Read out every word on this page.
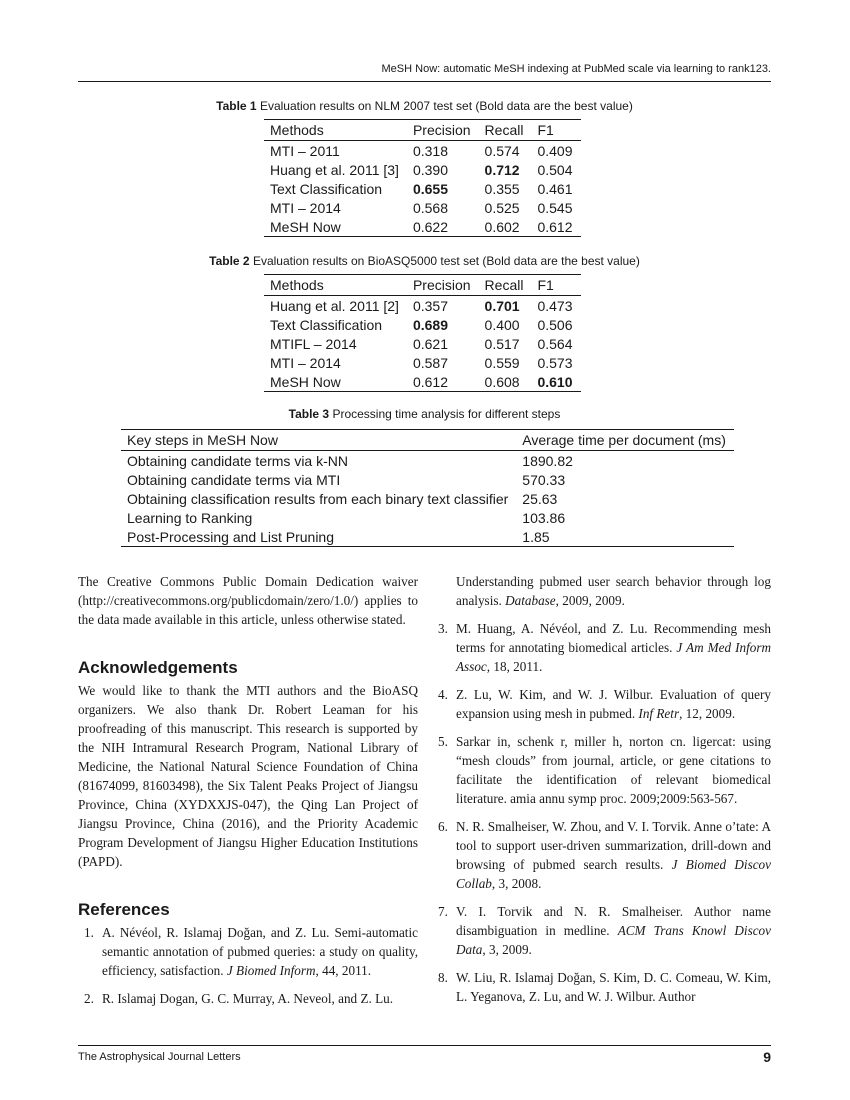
MeSH Now: automatic MeSH indexing at PubMed scale via learning to rank123.
Table 1 Evaluation results on NLM 2007 test set (Bold data are the best value)
Methods	Precision	Recall	F1
MTI – 2011	0.318	0.574	0.409
Huang et al. 2011 [3]	0.390	0.712	0.504
Text Classification	0.655	0.355	0.461
MTI – 2014	0.568	0.525	0.545
MeSH Now	0.622	0.602	0.612
Table 2 Evaluation results on BioASQ5000 test set (Bold data are the best value)
Methods	Precision	Recall	F1
Huang et al. 2011 [2]	0.357	0.701	0.473
Text Classification	0.689	0.400	0.506
MTIFL – 2014	0.621	0.517	0.564
MTI – 2014	0.587	0.559	0.573
MeSH Now	0.612	0.608	0.610
Table 3 Processing time analysis for different steps
Key steps in MeSH Now	Average time per document (ms)
Obtaining candidate terms via k-NN	1890.82
Obtaining candidate terms via MTI	570.33
Obtaining classification results from each binary text classifier	25.63
Learning to Ranking	103.86
Post-Processing and List Pruning	1.85

The Creative Commons Public Domain Dedication waiver (http://creativecommons.org/publicdomain/zero/1.0/) applies to the data made available in this article, unless otherwise stated.

Acknowledgements

We would like to thank the MTI authors and the BioASQ organizers. We also thank Dr. Robert Leaman for his proofreading of this manuscript. This research is supported by the NIH Intramural Research Program, National Library of Medicine, the National Natural Science Foundation of China (81674099, 81603498), the Six Talent Peaks Project of Jiangsu Province, China (XYDXXJS-047), the Qing Lan Project of Jiangsu Province, China (2016), and the Priority Academic Program Development of Jiangsu Higher Education Institutions (PAPD).

References
1. A. Névéol, R. Islamaj Doğan, and Z. Lu. Semi-automatic semantic annotation of pubmed queries: a study on quality, efficiency, satisfaction. J Biomed Inform, 44, 2011.
2. R. Islamaj Dogan, G. C. Murray, A. Neveol, and Z. Lu.
Understanding pubmed user search behavior through log analysis. Database, 2009, 2009.
3. M. Huang, A. Névéol, and Z. Lu. Recommending mesh terms for annotating biomedical articles. J Am Med Inform Assoc, 18, 2011.
4. Z. Lu, W. Kim, and W. J. Wilbur. Evaluation of query expansion using mesh in pubmed. Inf Retr, 12, 2009.
5. Sarkar in, schenk r, miller h, norton cn. ligercat: using “mesh clouds” from journal, article, or gene citations to facilitate the identification of relevant biomedical literature. amia annu symp proc. 2009;2009:563-567.
6. N. R. Smalheiser, W. Zhou, and V. I. Torvik. Anne o’tate: A tool to support user-driven summarization, drill-down and browsing of pubmed search results. J Biomed Discov Collab, 3, 2008.
7. V. I. Torvik and N. R. Smalheiser. Author name disambiguation in medline. ACM Trans Knowl Discov Data, 3, 2009.
8. W. Liu, R. Islamaj Doğan, S. Kim, D. C. Comeau, W. Kim, L. Yeganova, Z. Lu, and W. J. Wilbur. Author
The Astrophysical Journal Letters	9
